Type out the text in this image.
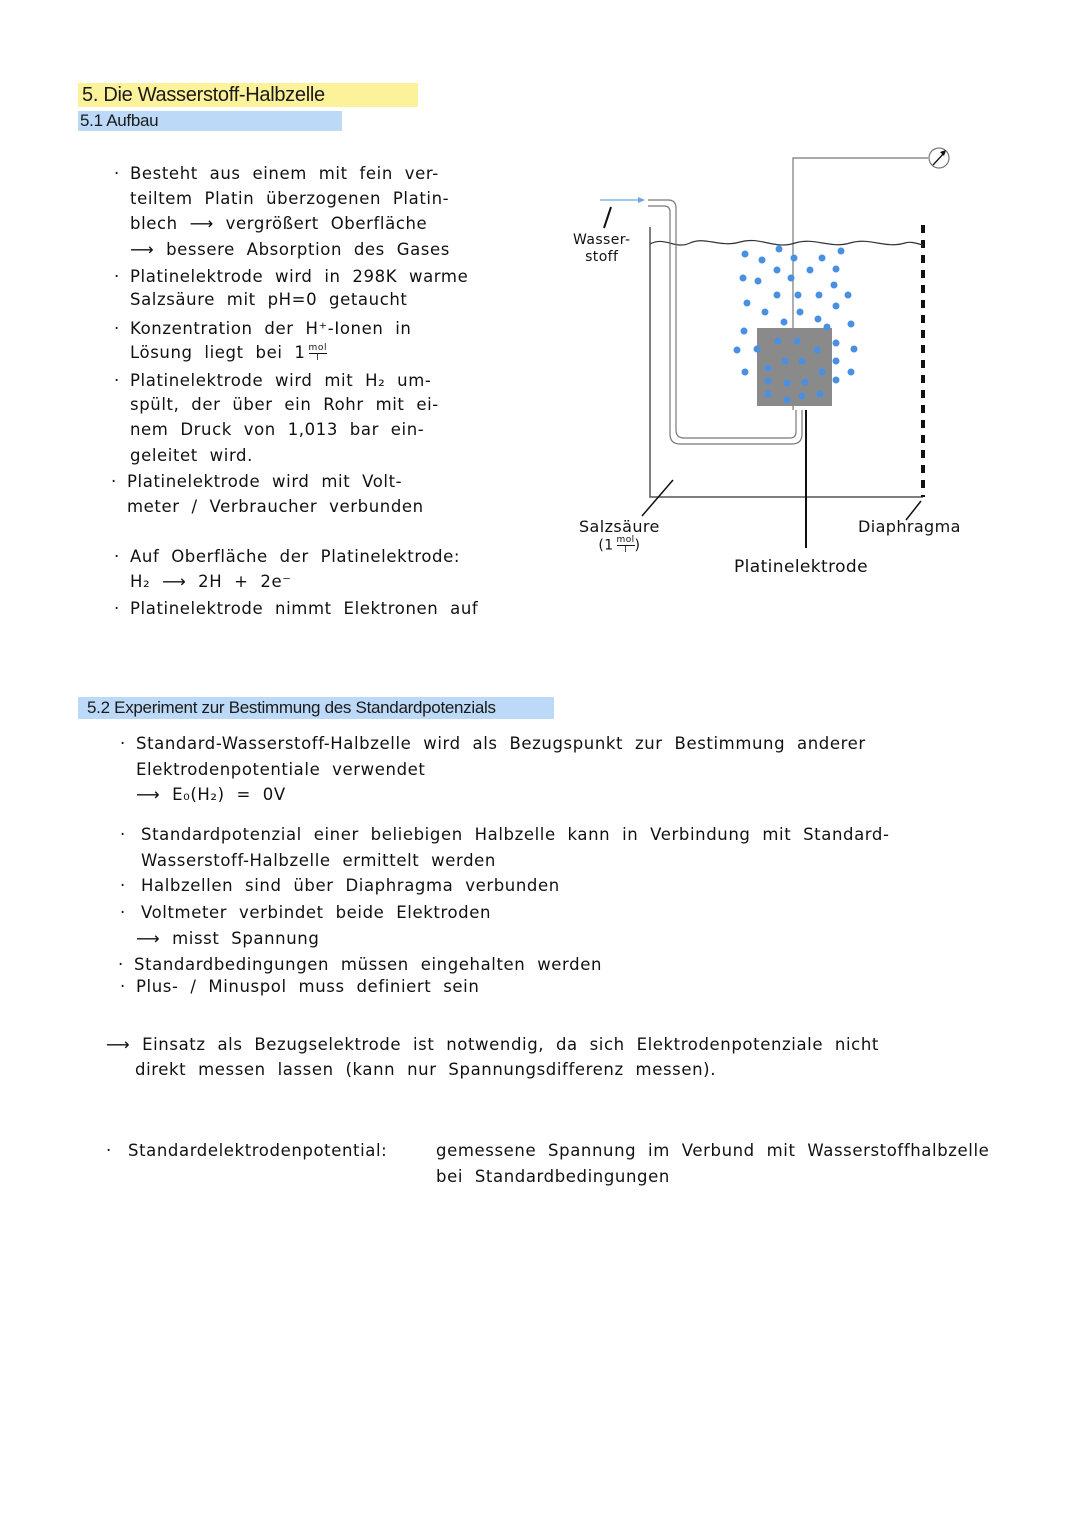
5. Die Wasserstoff-Halbzelle
5.1 Aufbau
· Besteht aus einem mit fein ver-
teiltem Platin überzogenen Platin-
blech ⟶ vergrößert Oberfläche
⟶ bessere Absorption des Gases
· Platinelektrode wird in 298K warme
Salzsäure mit pH=0 getaucht
· Konzentration der H⁺-Ionen in
Lösung liegt bei $1 \frac{\text{mol}}{l}$
· Platinelektrode wird mit H₂ um-
spült, der über ein Rohr mit ei-
nem Druck von 1,013 bar ein-
geleitet wird.
· Platinelektrode wird mit Volt-
meter / Verbraucher verbunden
· Auf Oberfläche der Platinelektrode:
H₂ ⟶ 2H + 2e⁻
· Platinelektrode nimmt Elektronen auf
Wasser-
stoff
Salzsäure
($1 \frac{\text{mol}}{l}$ )
Platinelektrode
Diaphragma
5.2 Experiment zur Bestimmung des Standardpotenzials
· Standard-Wasserstoff-Halbzelle wird als Bezugspunkt zur Bestimmung anderer
Elektrodenpotentiale verwendet
⟶ E₀(H₂) = 0V
· Standardpotenzial einer beliebigen Halbzelle kann in Verbindung mit Standard-
Wasserstoff-Halbzelle ermittelt werden
· Halbzellen sind über Diaphragma verbunden
· Voltmeter verbindet beide Elektroden
⟶ misst Spannung
· Standardbedingungen müssen eingehalten werden
· Plus- / Minuspol muss definiert sein
⟶ Einsatz als Bezugselektrode ist notwendig, da sich Elektrodenpotenziale nicht
direkt messen lassen (kann nur Spannungsdifferenz messen).
· Standardelektrodenpotential:	gemessene Spannung im Verbund mit Wasserstoffhalbzelle
bei Standardbedingungen
